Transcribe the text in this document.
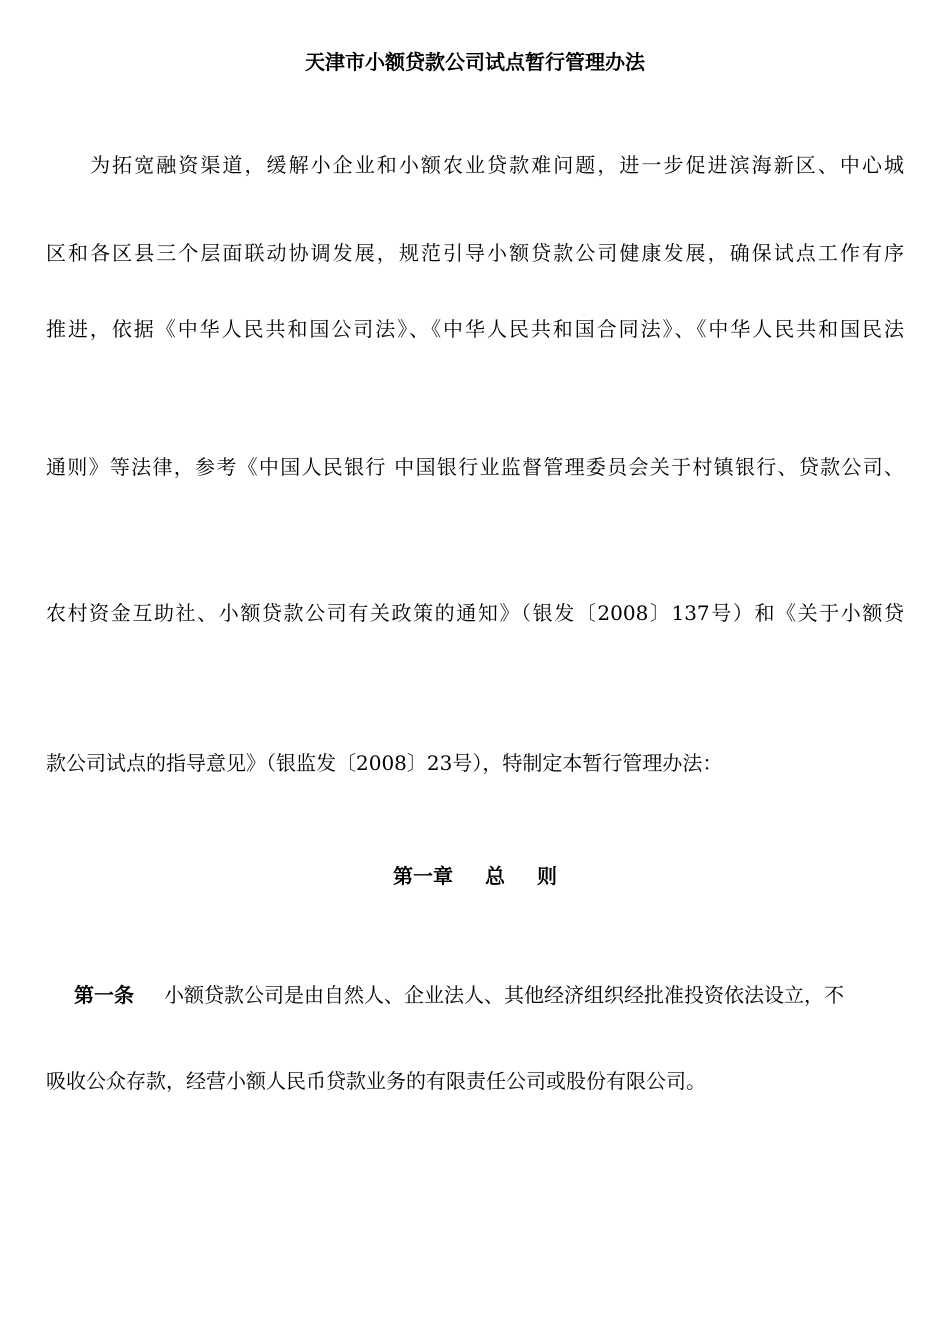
天津市小额贷款公司试点暂行管理办法
　　为拓宽融资渠道，缓解小企业和小额农业贷款难问题，进一步促进滨海新区、中心城
区和各区县三个层面联动协调发展，规范引导小额贷款公司健康发展，确保试点工作有序
推进，依据《中华人民共和国公司法》、《中华人民共和国合同法》、《中华人民共和国民法
通则》等法律，参考《中国人民银行 中国银行业监督管理委员会关于村镇银行、贷款公司、
农村资金互助社、小额贷款公司有关政策的通知》（银发〔2008〕137号）和《关于小额贷
款公司试点的指导意见》（银监发〔2008〕23号），特制定本暂行管理办法：
第一章 总 则
第一条 小额贷款公司是由自然人、企业法人、其他经济组织经批准投资依法设立，不
吸收公众存款，经营小额人民币贷款业务的有限责任公司或股份有限公司。
